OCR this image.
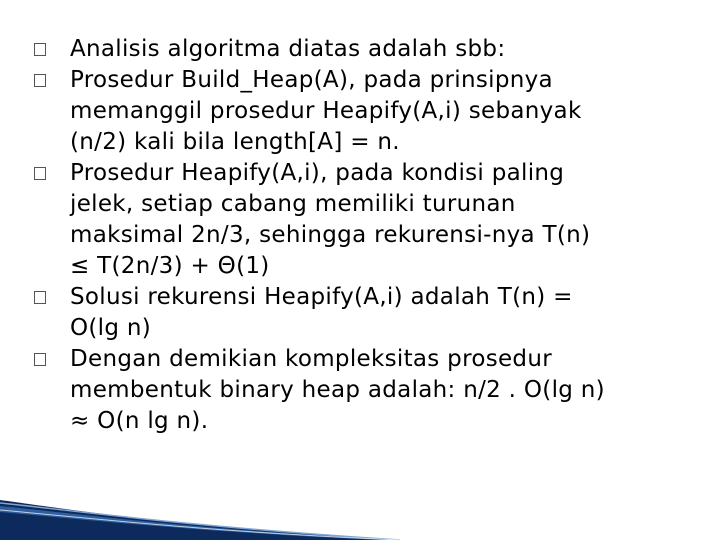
Analisis algoritma diatas adalah sbb:
Prosedur Build_Heap(A), pada prinsipnya
memanggil prosedur Heapify(A,i) sebanyak
(n/2) kali bila length[A] = n.
Prosedur Heapify(A,i), pada kondisi paling
jelek, setiap cabang memiliki turunan
maksimal 2n/3, sehingga rekurensi-nya T(n)
≤ T(2n/3) + Θ(1)
Solusi rekurensi Heapify(A,i) adalah T(n) =
O(lg n)
Dengan demikian kompleksitas prosedur
membentuk binary heap adalah: n/2 . O(lg n)
≈ O(n lg n).
